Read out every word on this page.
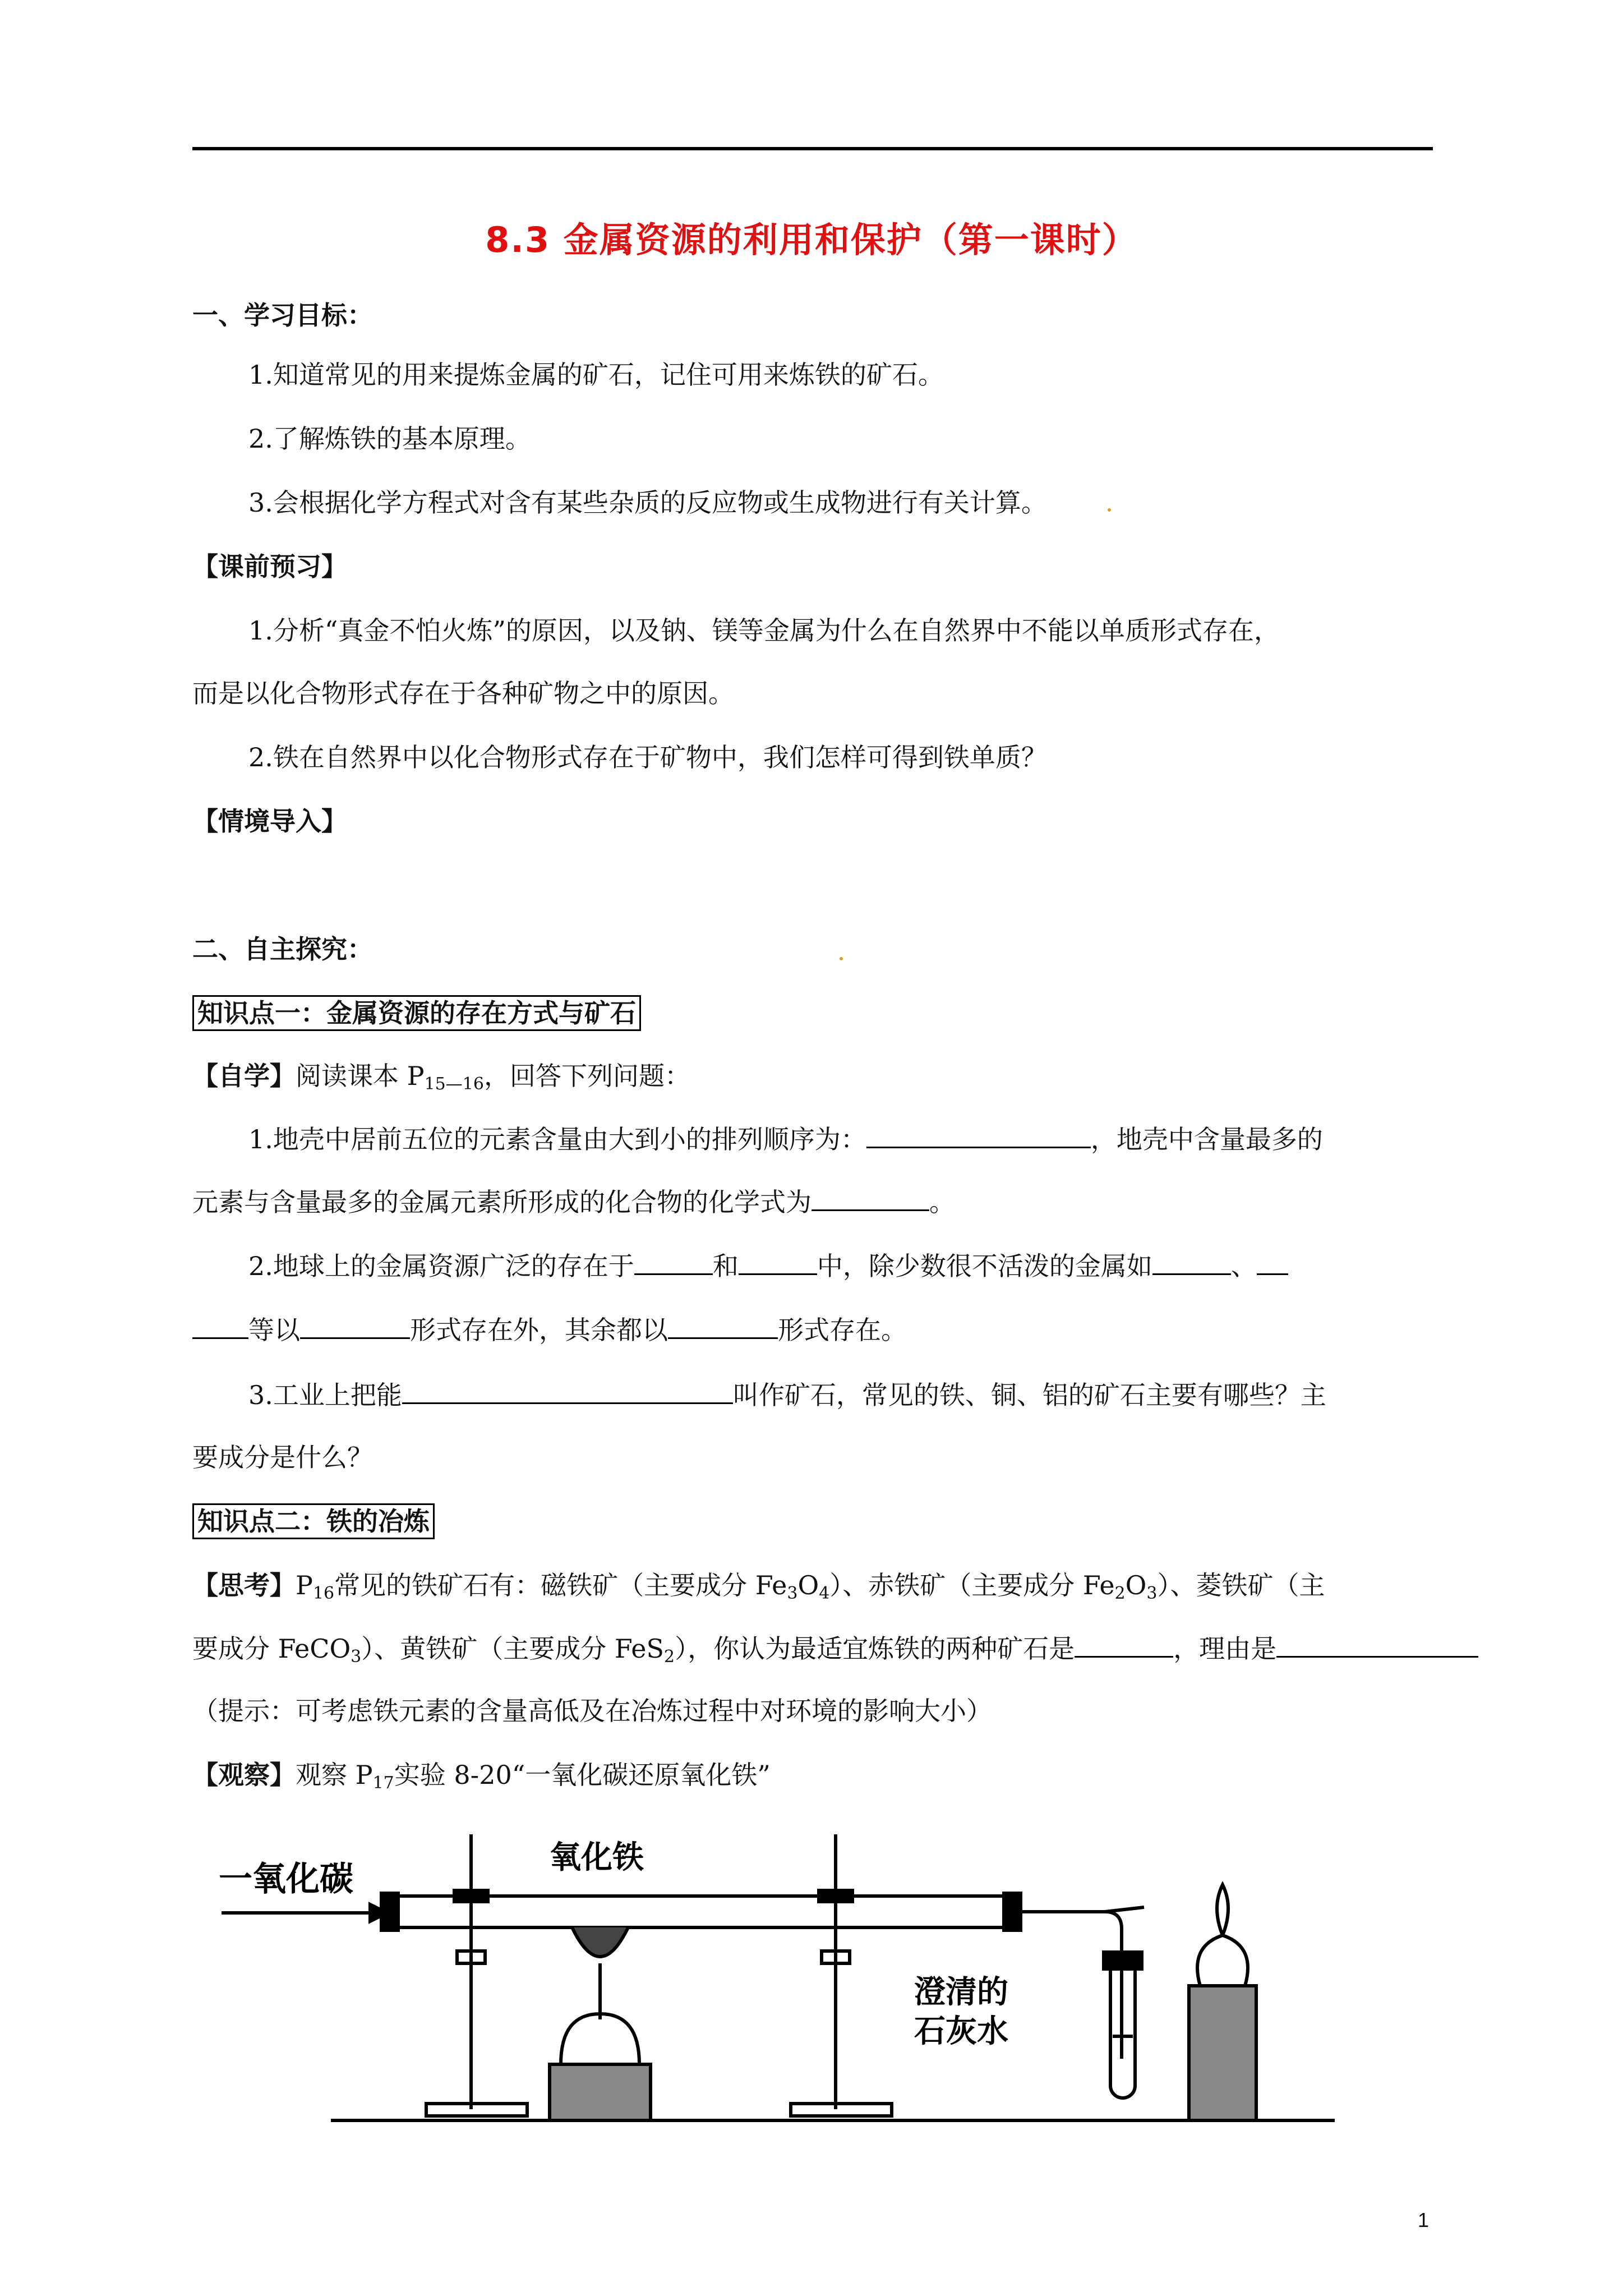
8.3 金属资源的利用和保护（第一课时）
一、学习目标：
1.知道常见的用来提炼金属的矿石，记住可用来炼铁的矿石。
2.了解炼铁的基本原理。
3.会根据化学方程式对含有某些杂质的反应物或生成物进行有关计算。
【课前预习】
1.分析“真金不怕火炼”的原因，以及钠、镁等金属为什么在自然界中不能以单质形式存在，
而是以化合物形式存在于各种矿物之中的原因。
2.铁在自然界中以化合物形式存在于矿物中，我们怎样可得到铁单质？
【情境导入】
二、自主探究：
知识点一：金属资源的存在方式与矿石
【自学】阅读课本 $P_{15—16}$，回答下列问题：
1.地壳中居前五位的元素含量由大到小的排列顺序为：	，地壳中含量最多的
元素与含量最多的金属元素所形成的化合物的化学式为	。
2.地球上的金属资源广泛的存在于	和	中，除少数很不活泼的金属如	、
等以	形式存在外，其余都以	形式存在。
3.工业上把能	叫作矿石，常见的铁、铜、铝的矿石主要有哪些？主
要成分是什么？
知识点二：铁的冶炼
【思考】$P_{16}$常见的铁矿石有：磁铁矿（主要成分 $Fe_3O_4$）、赤铁矿（主要成分 $Fe_2O_3$）、菱铁矿（主
要成分 FeCO$_3$）、黄铁矿（主要成分 FeS$_2$），你认为最适宜炼铁的两种矿石是	，理由是
（提示：可考虑铁元素的含量高低及在冶炼过程中对环境的影响大小）
【观察】观察 $P_{17}$实验 8-20“一氧化碳还原氧化铁”
一氧化碳
氧化铁
澄清的
石灰水
1
